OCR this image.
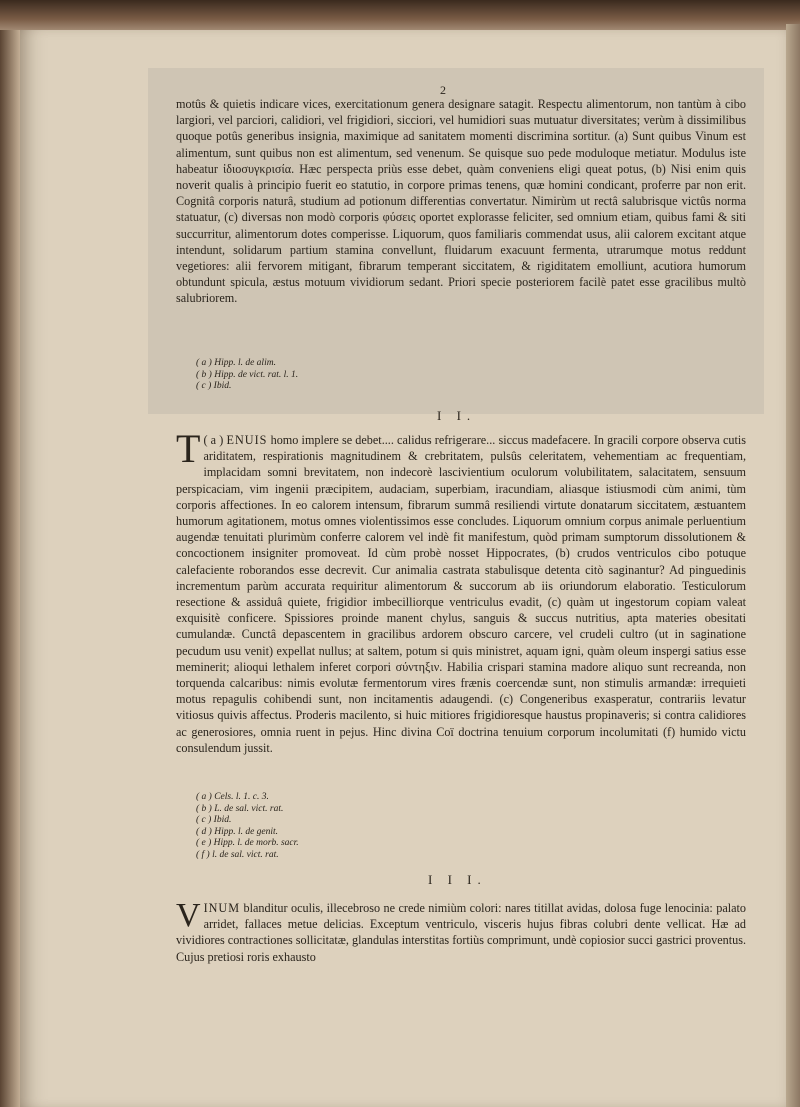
2

motûs & quietis indicare vices, exercitationum genera designare satagit. Respectu alimentorum, non tantùm à cibo largiori, vel parciori, calidiori, vel frigidiori, sicciori, vel humidiori suas mutuatur diversitates; verùm à dissimilibus quoque potûs generibus insignia, maximique ad sanitatem momenti discrimina sortitur. (a) Sunt quibus Vinum est alimentum, sunt quibus non est alimentum, sed venenum. Se quisque suo pede moduloque metiatur. Modulus iste habeatur ἰδιοσυγκρισία. Hæc perspecta priùs esse debet, quàm conveniens eligi queat potus, (b) Nisi enim quis noverit qualis à principio fuerit eo statutio, in corpore primas tenens, quæ homini condicant, proferre par non erit. Cognitâ corporis naturâ, studium ad potionum differentias convertatur. Nimirùm ut rectâ salubrisque victûs norma statuatur, (c) diversas non modò corporis φύσεις oportet explorasse feliciter, sed omnium etiam, quibus fami & siti succurritur, alimentorum dotes comperisse. Liquorum, quos familiaris commendat usus, alii calorem excitant atque intendunt, solidarum partium stamina convellunt, fluidarum exacuunt fermenta, utrarumque motus reddunt vegetiores: alii fervorem mitigant, fibrarum temperant siccitatem, & rigiditatem emolliunt, acutiora humorum obtundunt spicula, æstus motuum vividiorum sedant. Priori specie posteriorem facilè patet esse gracilibus multò salubriorem.

( a ) Hipp. l. de alim.
( b ) Hipp. de vict. rat. l. 1.
( c ) Ibid.
I I.

( a )
T ENUIS homo implere se debet.... calidus refrigerare... siccus madefacere. In gracili corpore observa cutis ariditatem, respirationis magnitudinem & crebritatem, pulsûs celeritatem, vehementiam ac frequentiam, implacidam somni brevitatem, non indecorè lascivientium oculorum volubilitatem, salacitatem, sensuum perspicaciam, vim ingenii præcipitem, audaciam, superbiam, iracundiam, aliasque istiusmodi cùm animi, tùm corporis affectiones. In eo calorem intensum, fibrarum summâ resiliendi virtute donatarum siccitatem, æstuantem humorum agitationem, motus omnes violentissimos esse concludes. Liquorum omnium corpus animale perluentium augendæ tenuitati plurimùm conferre calorem vel indè fit manifestum, quòd primam sumptorum dissolutionem & concoctionem insigniter promoveat. Id cùm probè nosset Hippocrates, (b) crudos ventriculos cibo potuque calefaciente roborandos esse decrevit. Cur animalia castrata stabulisque detenta citò saginantur? Ad pinguedinis incrementum parùm accurata requiritur alimentorum & succorum ab iis oriundorum elaboratio. Testiculorum resectione & assiduâ quiete, frigidior imbecilliorque ventriculus evadit, (c) quàm ut ingestorum copiam valeat exquisitè conficere. Spissiores proinde manent chylus, sanguis & succus nutritius, apta materies obesitati cumulandæ. Cunctâ depascentem in gracilibus ardorem obscuro carcere, vel crudeli cultro (ut in saginatione pecudum usu venit) expellat nullus; at saltem, potum si quis ministret, aquam igni, quàm oleum inspergi satius esse meminerit; alioqui lethalem inferet corpori σύντηξιν. Habilia crispari stamina madore aliquo sunt recreanda, non torquenda calcaribus: nimis evolutæ fermentorum vires frænis coercendæ sunt, non stimulis armandæ: irrequieti motus repagulis cohibendi sunt, non incitamentis adaugendi. (c) Congeneribus exasperatur, contrariis levatur vitiosus quivis affectus. Proderis macilento, si huic mitiores frigidioresque haustus propinaveris; si contra calidiores ac generosiores, omnia ruent in pejus. Hinc divina Coï doctrina tenuium corporum incolumitati (f) humido victu consulendum jussit.

( a ) Cels. l. 1. c. 3.
( b ) L. de sal. vict. rat.
( c ) Ibid.
( d ) Hipp. l. de genit.
( e ) Hipp. l. de morb. sacr.
( f ) l. de sal. vict. rat.
I I I.

VINUM blanditur oculis, illecebroso ne crede nimiùm colori: nares titillat avidas, dolosa fuge lenocinia: palato arridet, fallaces metue delicias. Exceptum ventriculo, visceris hujus fibras colubri dente vellicat. Hæ ad vividiores contractiones sollicitatæ, glandulas interstitas fortiùs comprimunt, undè copiosior succi gastrici proventus. Cujus pretiosi roris exhausto
